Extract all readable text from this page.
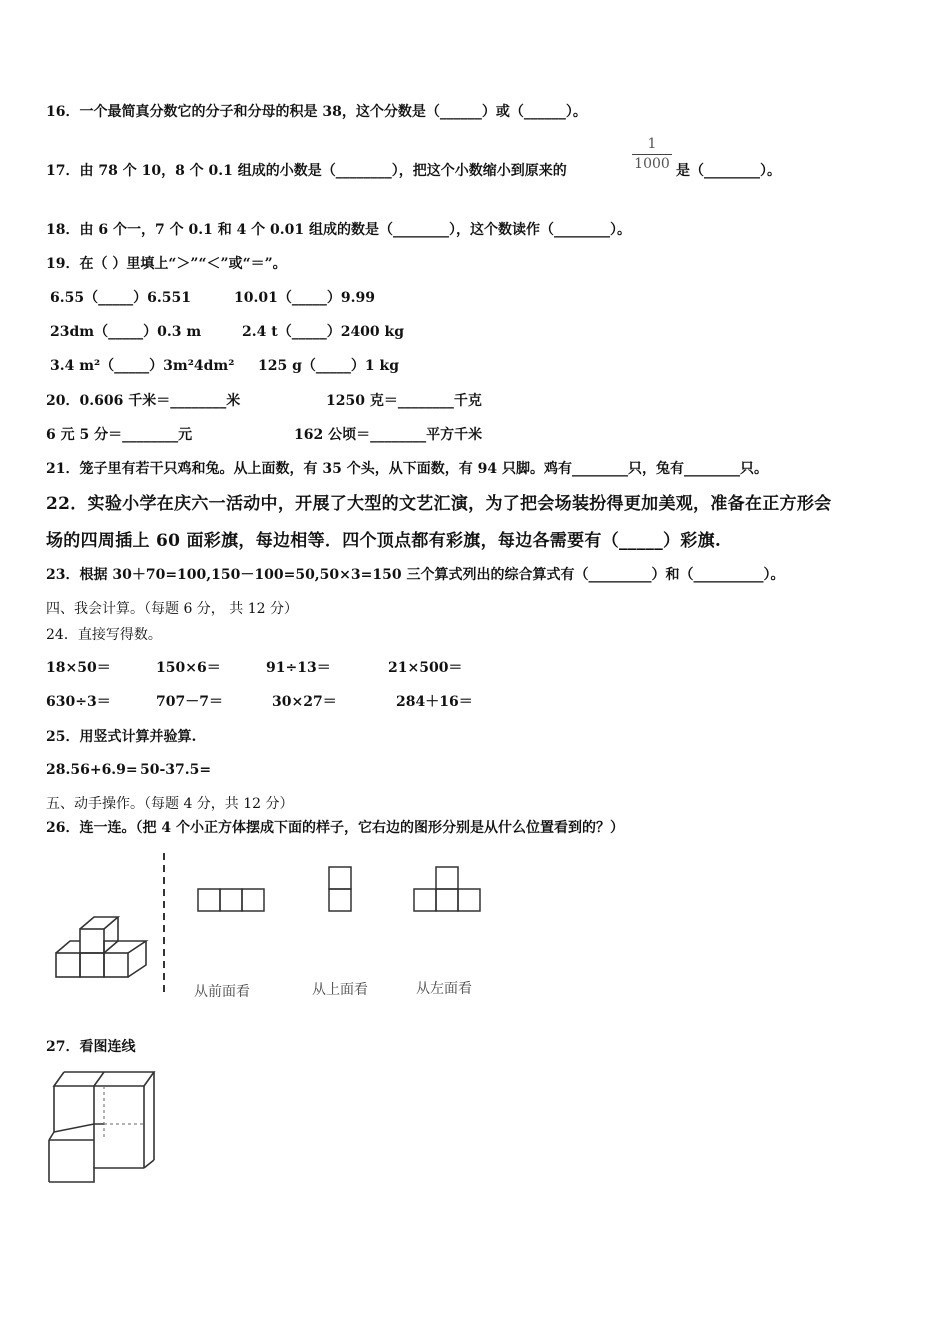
16．一个最简真分数它的分子和分母的积是 38，这个分数是（______）或（______）。
17．由 78 个 10，8 个 0.1 组成的小数是（________），把这个小数缩小到原来的
1
1000 是（________）。
18．由 6 个一，7 个 0.1 和 4 个 0.01 组成的数是（________），这个数读作（________）。
19．在（ ）里填上“＞”“＜”或“＝”。
6.55（_____）6.551	10.01（_____）9.99
23dm（_____）0.3 m	2.4 t（_____）2400 kg
3.4 m²（_____）3m²4dm² 125 g（_____）1 kg
20．0.606 千米＝________米	1250 克＝________千克
6 元 5 分＝________元	162 公顷＝________平方千米
21．笼子里有若干只鸡和兔。从上面数，有 35 个头，从下面数，有 94 只脚。鸡有________只，兔有________只。
22．实验小学在庆六一活动中，开展了大型的文艺汇演，为了把会场装扮得更加美观，准备在正方形会
场的四周插上 60 面彩旗，每边相等．四个顶点都有彩旗，每边各需要有（_____）彩旗.
23．根据 30＋70=100,150－100=50,50×3=150 三个算式列出的综合算式有（_________）和（__________）。
四、我会计算。（每题 6 分， 共 12 分）
24．直接写得数。
18×50＝	150×6＝	91÷13＝	21×500＝
630÷3＝	707－7＝	30×27＝	284＋16＝
25．用竖式计算并验算.
28.56+6.9= 50-37.5=
五、动手操作。（每题 4 分，共 12 分）
26．连一连。（把 4 个小正方体摆成下面的样子，它右边的图形分别是从什么位置看到的？）
从前面看	从上面看	从左面看
27．看图连线
